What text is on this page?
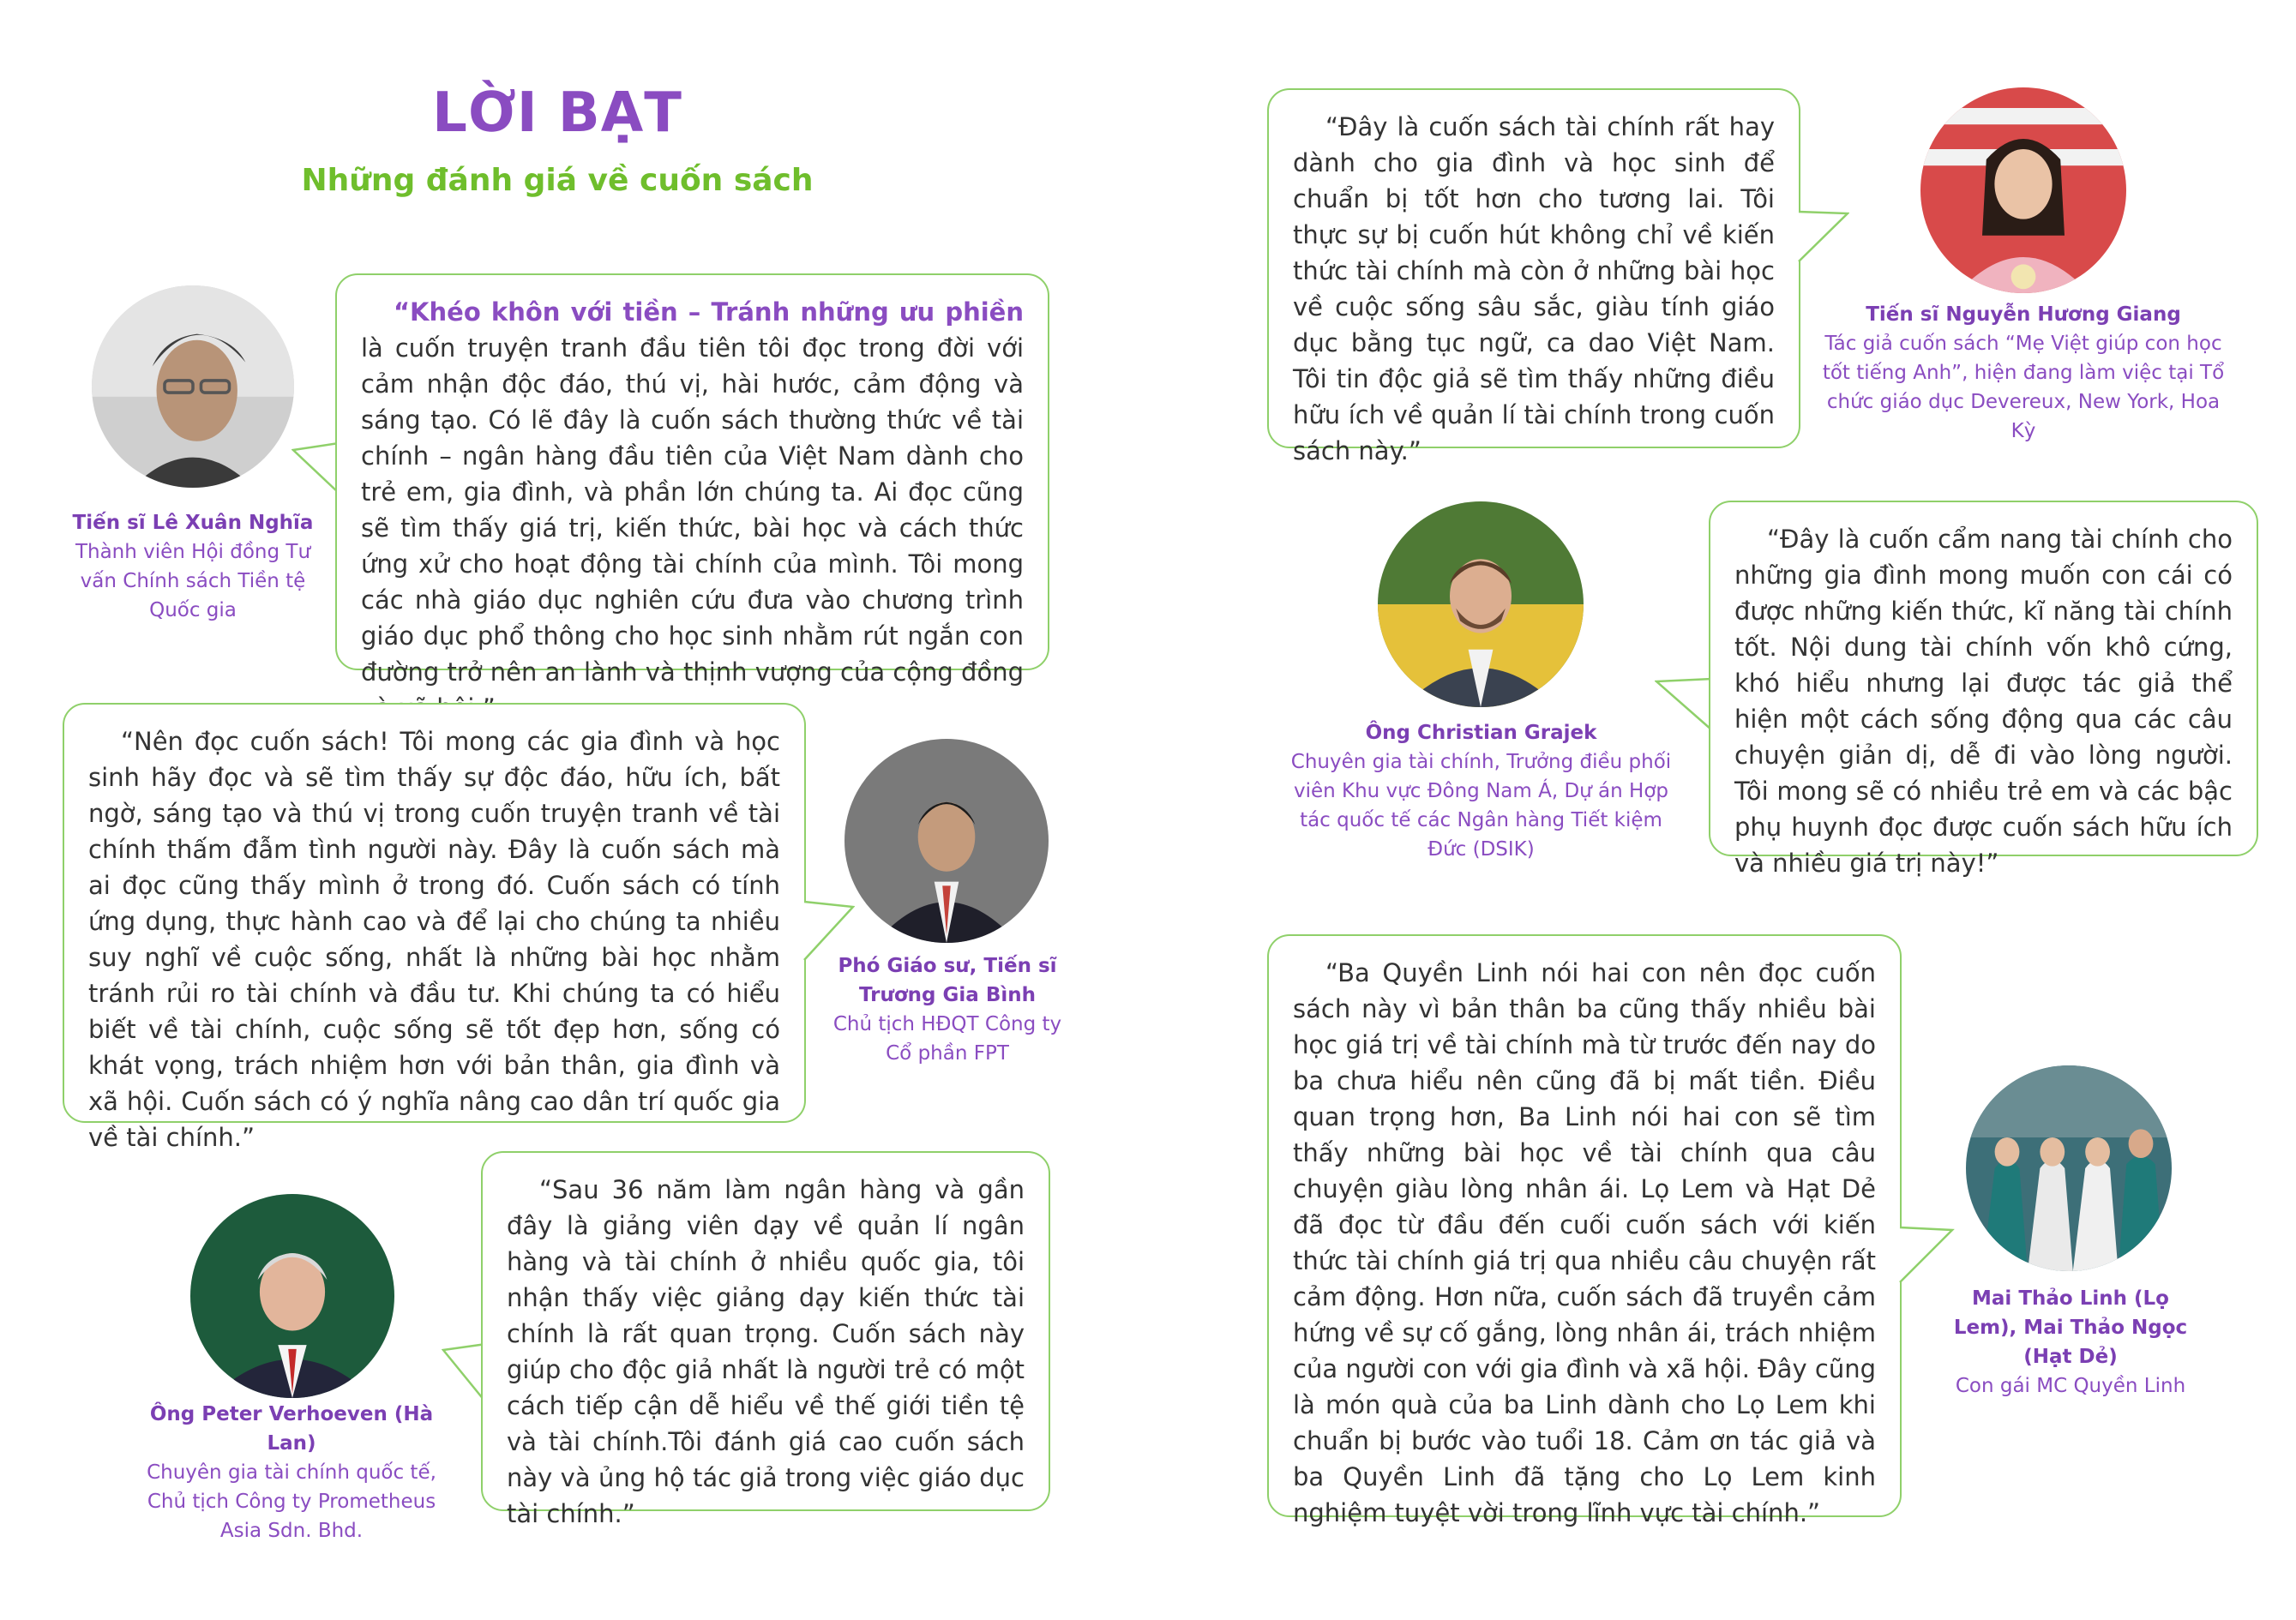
LỜI BẠT
Những đánh giá về cuốn sách
Tiến sĩ Lê Xuân Nghĩa
Thành viên Hội đồng Tư vấn Chính sách Tiền tệ Quốc gia

“Khéo khôn với tiền – Tránh những ưu phiền là cuốn truyện tranh đầu tiên tôi đọc trong đời với cảm nhận độc đáo, thú vị, hài hước, cảm động và sáng tạo. Có lẽ đây là cuốn sách thường thức về tài chính – ngân hàng đầu tiên của Việt Nam dành cho trẻ em, gia đình, và phần lớn chúng ta. Ai đọc cũng sẽ tìm thấy giá trị, kiến thức, bài học và cách thức ứng xử cho hoạt động tài chính của mình. Tôi mong các nhà giáo dục nghiên cứu đưa vào chương trình giáo dục phổ thông cho học sinh nhằm rút ngắn con đường trở nên an lành và thịnh vượng của cộng đồng

“Nên đọc cuốn sách! Tôi mong các gia đình và học sinh hãy đọc và sẽ tìm thấy sự độc đáo, hữu ích, bất ngờ, sáng tạo và thú vị trong cuốn truyện tranh về tài chính thấm đẫm tình người này. Đây là cuốn sách mà ai đọc cũng thấy mình ở trong đó. Cuốn sách có tính ứng dụng, thực hành cao và để lại cho chúng ta nhiều suy nghĩ về cuộc sống, nhất là những bài học nhằm tránh rủi ro tài chính và đầu tư. Khi chúng ta có hiểu biết về tài chính, cuộc sống sẽ tốt đẹp hơn, sống có khát vọng, trách nhiệm hơn với bản thân, gia đình và xã hội. Cuốn sách có ý nghĩa nâng cao dân trí quốc gia về tài chính.”

Phó Giáo sư, Tiến sĩ Trương Gia Bình
Chủ tịch HĐQT Công ty Cổ phần FPT
Ông Peter Verhoeven (Hà Lan)
Chuyên gia tài chính quốc tế, Chủ tịch Công ty Prometheus Asia Sdn. Bhd.

“Sau 36 năm làm ngân hàng và gần đây là giảng viên dạy về quản lí ngân hàng và tài chính ở nhiều quốc gia, tôi nhận thấy việc giảng dạy kiến thức tài chính là rất quan trọng. Cuốn sách này giúp cho độc giả nhất là người trẻ có một cách tiếp cận dễ hiểu về thế giới tiền tệ và tài chính.Tôi đánh giá cao cuốn sách này và ủng hộ tác giả trong việc giáo dục tài chính.”

“Đây là cuốn sách tài chính rất hay dành cho gia đình và học sinh để chuẩn bị tốt hơn cho tương lai. Tôi thực sự bị cuốn hút không chỉ về kiến thức tài chính mà còn ở những bài học về cuộc sống sâu sắc, giàu tính giáo dục bằng tục ngữ, ca dao Việt Nam. Tôi tin độc giả sẽ tìm thấy những điều hữu ích về quản lí tài chính trong cuốn sách này.”

Tiến sĩ Nguyễn Hương Giang
Tác giả cuốn sách “Mẹ Việt giúp con học tốt tiếng Anh”, hiện đang làm việc tại Tổ chức giáo dục Devereux, New York, Hoa Kỳ
Ông Christian Grajek
Chuyên gia tài chính, Trưởng điều phối viên Khu vực Đông Nam Á, Dự án Hợp tác quốc tế các Ngân hàng Tiết kiệm Đức (DSIK)

“Đây là cuốn cẩm nang tài chính cho những gia đình mong muốn con cái có được những kiến thức, kĩ năng tài chính tốt. Nội dung tài chính vốn khô cứng, khó hiểu nhưng lại được tác giả thể hiện một cách sống động qua các câu chuyện giản dị, dễ đi vào lòng người. Tôi mong sẽ có nhiều trẻ em và các bậc phụ huynh đọc được cuốn sách hữu ích và nhiều giá trị này!”

“Ba Quyền Linh nói hai con nên đọc cuốn sách này vì bản thân ba cũng thấy nhiều bài học giá trị về tài chính mà từ trước đến nay do ba chưa hiểu nên cũng đã bị mất tiền. Điều quan trọng hơn, Ba Linh nói hai con sẽ tìm thấy những bài học về tài chính qua câu chuyện giàu lòng nhân ái. Lọ Lem và Hạt Dẻ đã đọc từ đầu đến cuối cuốn sách với kiến thức tài chính giá trị qua nhiều câu chuyện rất cảm động. Hơn nữa, cuốn sách đã truyền cảm hứng về sự cố gắng, lòng nhân ái, trách nhiệm của người con với gia đình và xã hội. Đây cũng là món quà của ba Linh dành cho Lọ Lem khi chuẩn bị bước vào tuổi 18. Cảm ơn tác giả và ba Quyền Linh đã tặng cho Lọ Lem kinh nghiệm tuyệt vời trong lĩnh vực tài chính.”

Mai Thảo Linh (Lọ Lem), Mai Thảo Ngọc (Hạt Dẻ)
Con gái MC Quyền Linh
